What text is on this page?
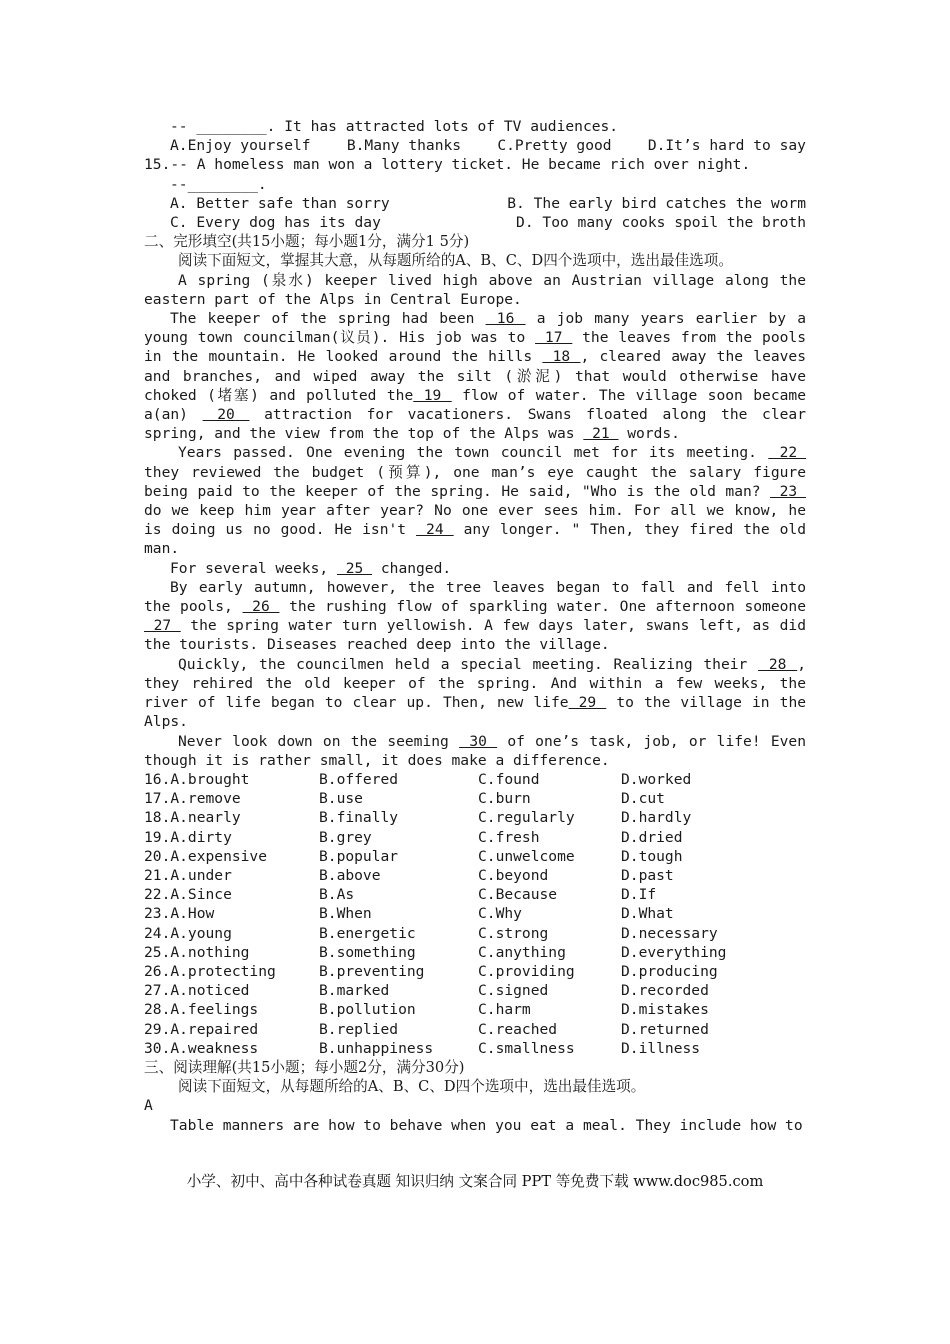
-- ________. It has attracted lots of TV audiences.

A.Enjoy yourself B.Many thanks C.Pretty good D.It’s hard to say

15.-- A homeless man won a lottery ticket. He became rich over night.

--________.

A. Better safe than sorry	B. The early bird catches the worm
C. Every dog has its day	D. Too many cooks spoil the broth

二、完形填空(共15小题；每小题1分，满分1 5分)

阅读下面短文，掌握其大意，从每题所给的A、B、C、D四个选项中，选出最佳选项。

A spring (泉水) keeper lived high above an Austrian village along the eastern part of the Alps in Central Europe.

The keeper of the spring had been  16  a job many years earlier by a young town councilman(议员). His job was to  17  the leaves from the pools in the mountain. He looked around the hills  18 , cleared away the leaves and branches, and wiped away the silt (淤泥) that would otherwise have choked (堵塞) and polluted the 19  flow of water. The village soon became a(an)  20  attraction for vacationers. Swans floated along the clear spring, and the view from the top of the Alps was  21  words.

Years passed. One evening the town council met for its meeting.  22  they reviewed the budget (预算), one man’s eye caught the salary figure being paid to the keeper of the spring. He said, "Who is the old man?  23  do we keep him year after year? No one ever sees him. For all we know, he is doing us no good. He isn't  24  any longer. " Then, they fired the old man.

For several weeks,  25  changed.

By early autumn, however, the tree leaves began to fall and fell into the pools,  26  the rushing flow of sparkling water. One afternoon someone  27  the spring water turn yellowish. A few days later, swans left, as did the tourists. Diseases reached deep into the village.

Quickly, the councilmen held a special meeting. Realizing their  28 , they rehired the old keeper of the spring. And within a few weeks, the river of life began to clear up. Then, new life 29  to the village in the Alps.

Never look down on the seeming  30  of one’s task, job, or life! Even though it is rather small, it does make a difference.

16.A.brought	B.offered	C.found	D.worked
17.A.remove	B.use	C.burn	D.cut
18.A.nearly	B.finally	C.regularly	D.hardly
19.A.dirty	B.grey	C.fresh	D.dried
20.A.expensive	B.popular	C.unwelcome	D.tough
21.A.under	B.above	C.beyond	D.past
22.A.Since	B.As	C.Because	D.If
23.A.How	B.When	C.Why	D.What
24.A.young	B.energetic	C.strong	D.necessary
25.A.nothing	B.something	C.anything	D.everything
26.A.protecting	B.preventing	C.providing	D.producing
27.A.noticed	B.marked	C.signed	D.recorded
28.A.feelings	B.pollution	C.harm	D.mistakes
29.A.repaired	B.replied	C.reached	D.returned
30.A.weakness	B.unhappiness	C.smallness	D.illness

三、阅读理解(共15小题；每小题2分，满分30分)

阅读下面短文，从每题所给的A、B、C、D四个选项中，选出最佳选项。

A

Table manners are how to behave when you eat a meal. They include how to

小学、初中、高中各种试卷真题 知识归纳 文案合同 PPT 等免费下载 www.doc985.com
